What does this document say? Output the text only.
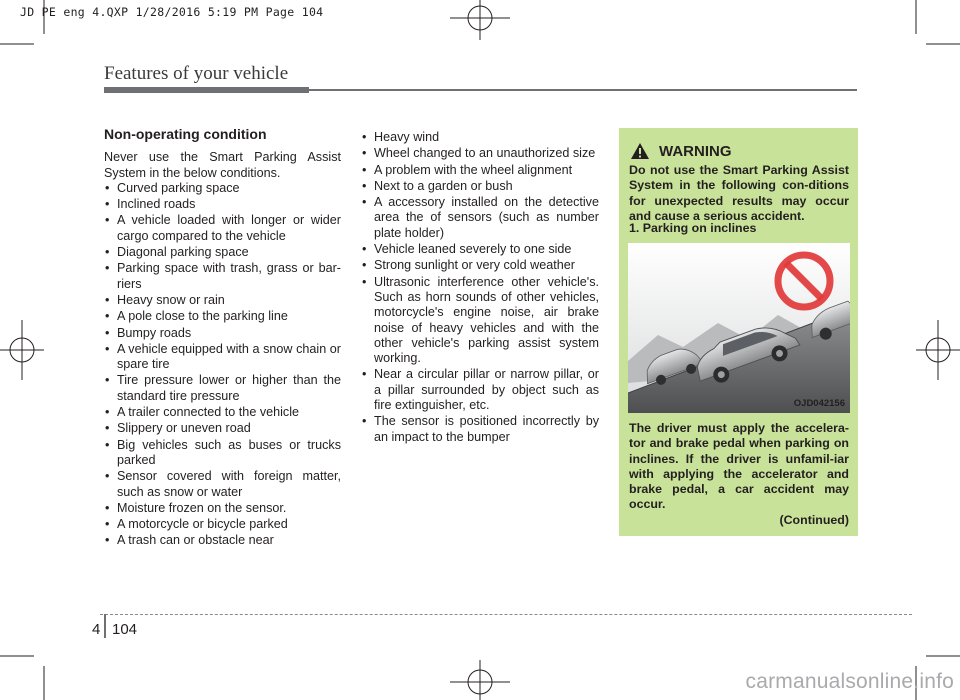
JD PE eng 4.QXP 1/28/2016 5:19 PM Page 104
Features of your vehicle
Non-operating condition
Never use the Smart Parking Assist System in the below conditions.
• Curved parking space
• Inclined roads
• A vehicle loaded with longer or wider cargo compared to the vehicle
• Diagonal parking space
• Parking space with trash, grass or bar-riers
• Heavy snow or rain
• A pole close to the parking line
• Bumpy roads
• A vehicle equipped with a snow chain or spare tire
• Tire pressure lower or higher than the standard tire pressure
• A trailer connected to the vehicle
• Slippery or uneven road
• Big vehicles such as buses or trucks parked
• Sensor covered with foreign matter, such as snow or water
• Moisture frozen on the sensor.
• A motorcycle or bicycle parked
• A trash can or obstacle near
• Heavy wind
• Wheel changed to an unauthorized size
• A problem with the wheel alignment
• Next to a garden or bush
• A accessory installed on the detective area the of sensors (such as number plate holder)
• Vehicle leaned severely to one side
• Strong sunlight or very cold weather
• Ultrasonic interference other vehicle's. Such as horn sounds of other vehicles, motorcycle's engine noise, air brake noise of heavy vehicles and with the other vehicle's parking assist system working.
• Near a circular pillar or narrow pillar, or a pillar surrounded by object such as fire extinguisher, etc.
• The sensor is positioned incorrectly by an impact to the bumper
WARNING
Do not use the Smart Parking Assist System in the following con-ditions for unexpected results may occur and cause a serious accident.
1. Parking on inclines
OJD042156
The driver must apply the accelera-tor and brake pedal when parking on inclines. If the driver is unfamil-iar with applying the accelerator and brake pedal, a car accident may occur.
(Continued)
4 104
carmanualsonline.info
